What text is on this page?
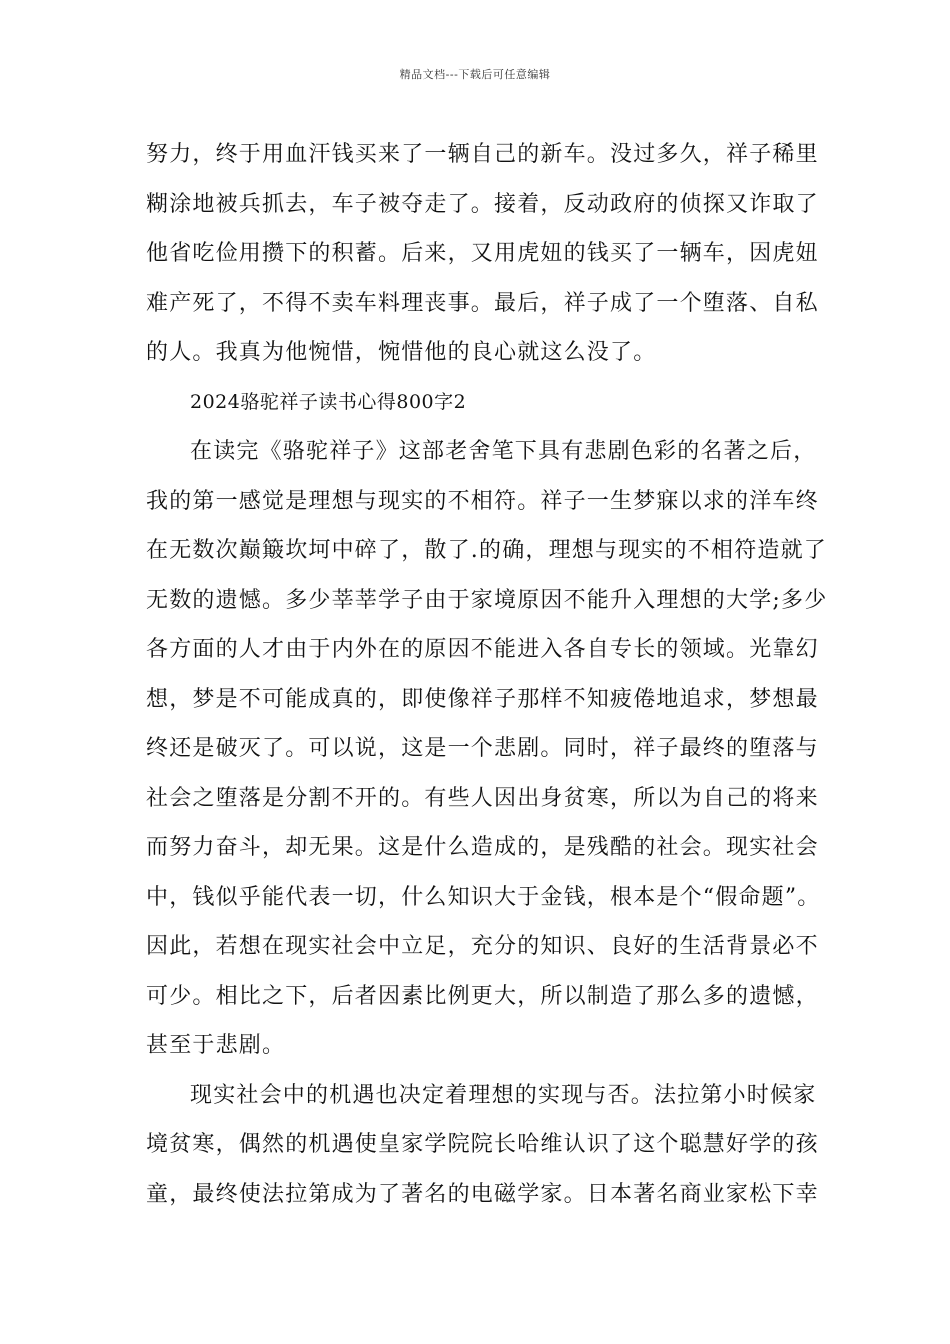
精品文档---下载后可任意编辑
努力，终于用血汗钱买来了一辆自己的新车。没过多久，祥子稀里
糊涂地被兵抓去，车子被夺走了。接着，反动政府的侦探又诈取了
他省吃俭用攒下的积蓄。后来，又用虎妞的钱买了一辆车，因虎妞
难产死了，不得不卖车料理丧事。最后，祥子成了一个堕落、自私
的人。我真为他惋惜，惋惜他的良心就这么没了。
2024骆驼祥子读书心得800字2
在读完《骆驼祥子》这部老舍笔下具有悲剧色彩的名著之后，
我的第一感觉是理想与现实的不相符。祥子一生梦寐以求的洋车终
在无数次巅簸坎坷中碎了，散了.的确，理想与现实的不相符造就了
无数的遗憾。多少莘莘学子由于家境原因不能升入理想的大学;多少
各方面的人才由于内外在的原因不能进入各自专长的领域。光靠幻
想，梦是不可能成真的，即使像祥子那样不知疲倦地追求，梦想最
终还是破灭了。可以说，这是一个悲剧。同时，祥子最终的堕落与
社会之堕落是分割不开的。有些人因出身贫寒，所以为自己的将来
而努力奋斗，却无果。这是什么造成的，是残酷的社会。现实社会
中，钱似乎能代表一切，什么知识大于金钱，根本是个“假命题”。
因此，若想在现实社会中立足，充分的知识、良好的生活背景必不
可少。相比之下，后者因素比例更大，所以制造了那么多的遗憾，
甚至于悲剧。
现实社会中的机遇也决定着理想的实现与否。法拉第小时候家
境贫寒，偶然的机遇使皇家学院院长哈维认识了这个聪慧好学的孩
童，最终使法拉第成为了著名的电磁学家。日本著名商业家松下幸
